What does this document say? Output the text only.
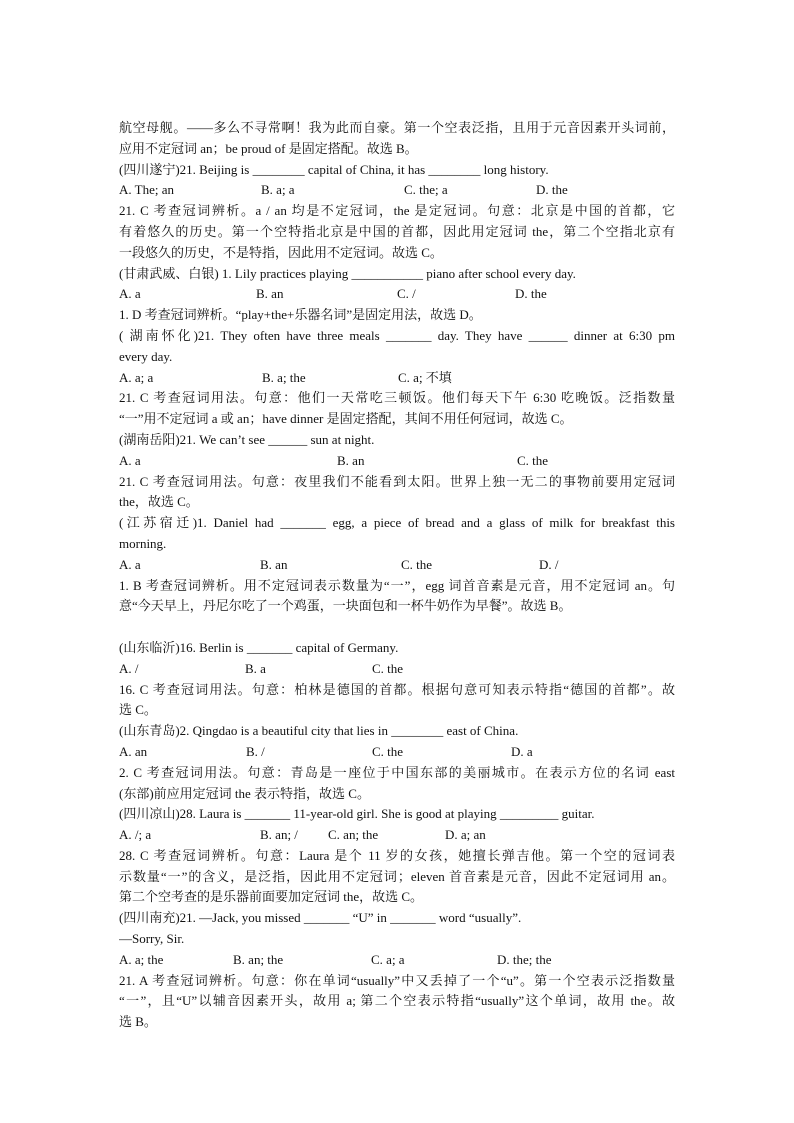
航空母舰。——多么不寻常啊！我为此而自豪。第一个空表泛指，且用于元音因素开头词前，
应用不定冠词 an；be proud of 是固定搭配。故选 B。
(四川遂宁)21. Beijing is ________ capital of China, it has ________ long history.
A. The; an	B. a; a	C. the; a	D. the
21. C 考查冠词辨析。a / an 均是不定冠词，the 是定冠词。句意：北京是中国的首都，它
有着悠久的历史。第一个空特指北京是中国的首都，因此用定冠词 the，第二个空指北京有
一段悠久的历史，不是特指，因此用不定冠词。故选 C。
(甘肃武威、白银) 1. Lily practices playing ___________ piano after school every day.
A. a	B. an	C. /	D. the
1. D 考查冠词辨析。“play+the+乐器名词”是固定用法，故选 D。
( 湖南怀化)21. They often have three meals _______ day. They have ______ dinner at 6:30 pm
every day.
A. a; a	B. a; the	C. a; 不填
21. C 考查冠词用法。句意：他们一天常吃三顿饭。他们每天下午 6:30 吃晚饭。泛指数量
“一”用不定冠词 a 或 an；have dinner 是固定搭配，其间不用任何冠词，故选 C。
(湖南岳阳)21. We can’t see ______ sun at night.
A. a	B. an	C. the
21. C 考查冠词用法。句意：夜里我们不能看到太阳。世界上独一无二的事物前要用定冠词
the，故选 C。
(江苏宿迁)1. Daniel had _______ egg, a piece of bread and a glass of milk for breakfast this
morning.
A. a	B. an	C. the	D. /
1. B 考查冠词辨析。用不定冠词表示数量为“一”，egg 词首音素是元音，用不定冠词 an。句
意“今天早上，丹尼尔吃了一个鸡蛋，一块面包和一杯牛奶作为早餐”。故选 B。
(山东临沂)16. Berlin is _______ capital of Germany.
A. /	B. a	C. the
16. C 考查冠词用法。句意：柏林是德国的首都。根据句意可知表示特指“德国的首都”。故
选 C。
(山东青岛)2. Qingdao is a beautiful city that lies in ________ east of China.
A. an	B. /	C. the	D. a
2. C 考查冠词用法。句意：青岛是一座位于中国东部的美丽城市。在表示方位的名词 east
(东部)前应用定冠词 the 表示特指，故选 C。
(四川凉山)28. Laura is _______ 11-year-old girl. She is good at playing _________ guitar.
A. /; a	B. an; /	C. an; the	D. a; an
28. C 考查冠词辨析。句意：Laura 是个 11 岁的女孩，她擅长弹吉他。第一个空的冠词表
示数量“一”的含义，是泛指，因此用不定冠词；eleven 首音素是元音，因此不定冠词用 an。
第二个空考查的是乐器前面要加定冠词 the，故选 C。
(四川南充)21. —Jack, you missed _______ “U” in _______ word “usually”.
—Sorry, Sir.
A. a; the	B. an; the	C. a; a	D. the; the
21. A 考查冠词辨析。句意：你在单词“usually”中又丢掉了一个“u”。第一个空表示泛指数量
“一”，且“U”以辅音因素开头，故用 a; 第二个空表示特指“usually”这个单词，故用 the。故
选 B。
